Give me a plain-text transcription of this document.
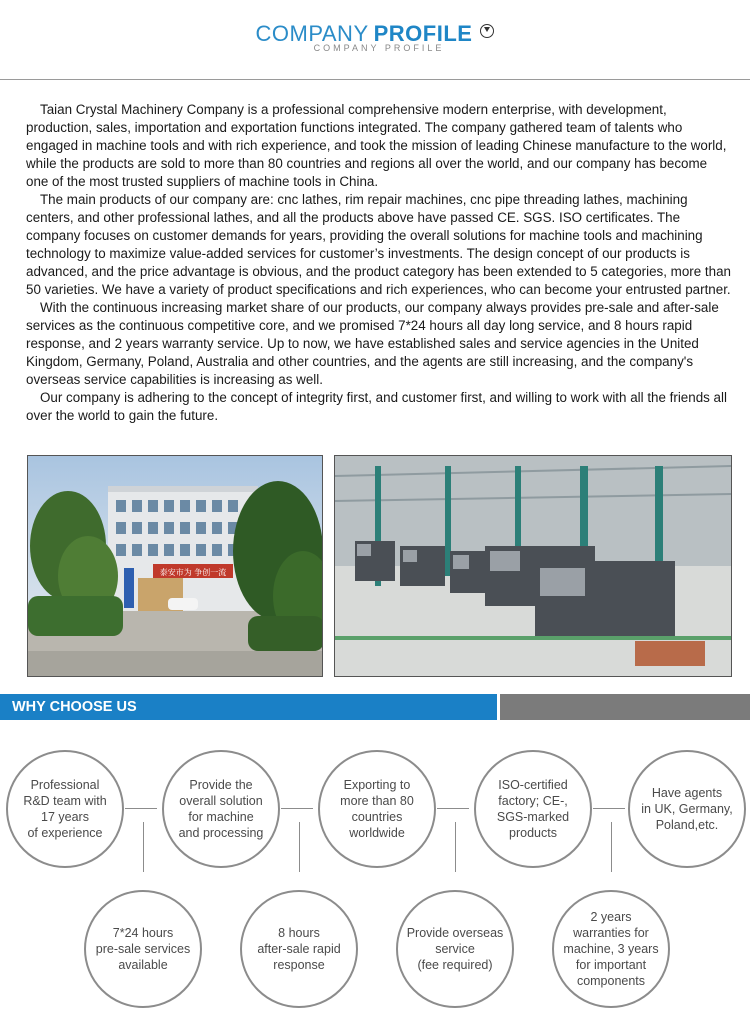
COMPANY PROFILE
COMPANY PROFILE

Taian Crystal Machinery Company is a professional comprehensive modern enterprise, with development, production, sales, importation and exportation functions integrated. The company gathered team of talents who engaged in machine tools and with rich experience, and took the mission of leading Chinese manufacture to the world, while the products are sold to more than 80 countries and regions all over the world, and our company has become one of the most trusted suppliers of machine tools in China.

The main products of our company are: cnc lathes, rim repair machines, cnc pipe threading lathes, machining centers, and other professional lathes, and all the products above have passed CE. SGS. ISO certificates. The company focuses on customer demands for years, providing the overall solutions for machine tools and machining technology to maximize value-added services for customer’s investments. The design concept of our products is advanced, and the price advantage is obvious, and the product category has been extended to 5 categories, more than 50 varieties. We have a variety of product specifications and rich experiences, who can become your entrusted partner.

With the continuous increasing market share of our products, our company always provides pre-sale and after-sale services as the continuous competitive core, and we promised 7*24 hours all day long service, and 8 hours rapid response, and 2 years warranty service. Up to now, we have established sales and service agencies in the United Kingdom, Germany, Poland, Australia and other countries, and the agents are still increasing, and the company's overseas service capabilities is increasing as well.

Our company is adhering to the concept of integrity first, and customer first, and willing to work with all the friends all over the world to gain the future.

泰安市为 争创一流
WHY CHOOSE US
Professional
R&D team with
17 years
of experience
Provide the
overall solution
for machine
and processing
Exporting to
more than 80
countries
worldwide
ISO-certified
factory; CE-,
SGS-marked
products
Have agents
in UK, Germany,
Poland,etc.
7*24 hours
pre-sale services
available
8 hours
after-sale rapid
response
Provide overseas
service
(fee required)
2 years
warranties for
machine, 3 years
for important
components
